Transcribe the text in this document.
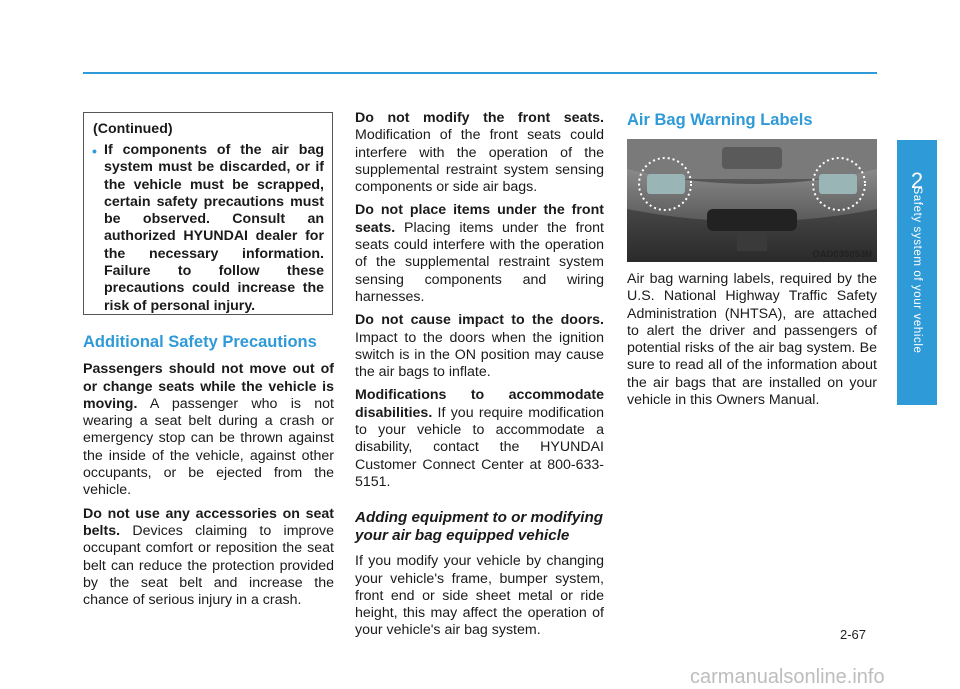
(Continued)
• If components of the air bag system must be discarded, or if the vehicle must be scrapped, certain safety precautions must be observed. Consult an authorized HYUNDAI dealer for the necessary information. Failure to follow these precautions could increase the risk of personal injury.
Additional Safety Precautions

Passengers should not move out of or change seats while the vehicle is moving. A passenger who is not wearing a seat belt during a crash or emergency stop can be thrown against the inside of the vehicle, against other occupants, or be ejected from the vehicle.

Do not use any accessories on seat belts. Devices claiming to improve occupant comfort or reposition the seat belt can reduce the protection provided by the seat belt and increase the chance of serious injury in a crash.

Do not modify the front seats. Modification of the front seats could interfere with the operation of the supplemental restraint system sensing components or side air bags.

Do not place items under the front seats. Placing items under the front seats could interfere with the operation of the supplemental restraint system sensing components and wiring harnesses.

Do not cause impact to the doors. Impact to the doors when the ignition switch is in the ON position may cause the air bags to inflate.

Modifications to accommodate disabilities. If you require modification to your vehicle to accommodate a disability, contact the HYUNDAI Customer Connect Center at 800-633-5151.

Adding equipment to or modifying your air bag equipped vehicle

If you modify your vehicle by changing your vehicle's frame, bumper system, front end or side sheet metal or ride height, this may affect the operation of your vehicle's air bag system.

Air Bag Warning Labels
OAD035053N

Air bag warning labels, required by the U.S. National Highway Traffic Safety Administration (NHTSA), are attached to alert the driver and passengers of potential risks of the air bag system. Be sure to read all of the information about the air bags that are installed on your vehicle in this Owners Manual.

2
Safety system of your vehicle
2-67
carmanualsonline.info
